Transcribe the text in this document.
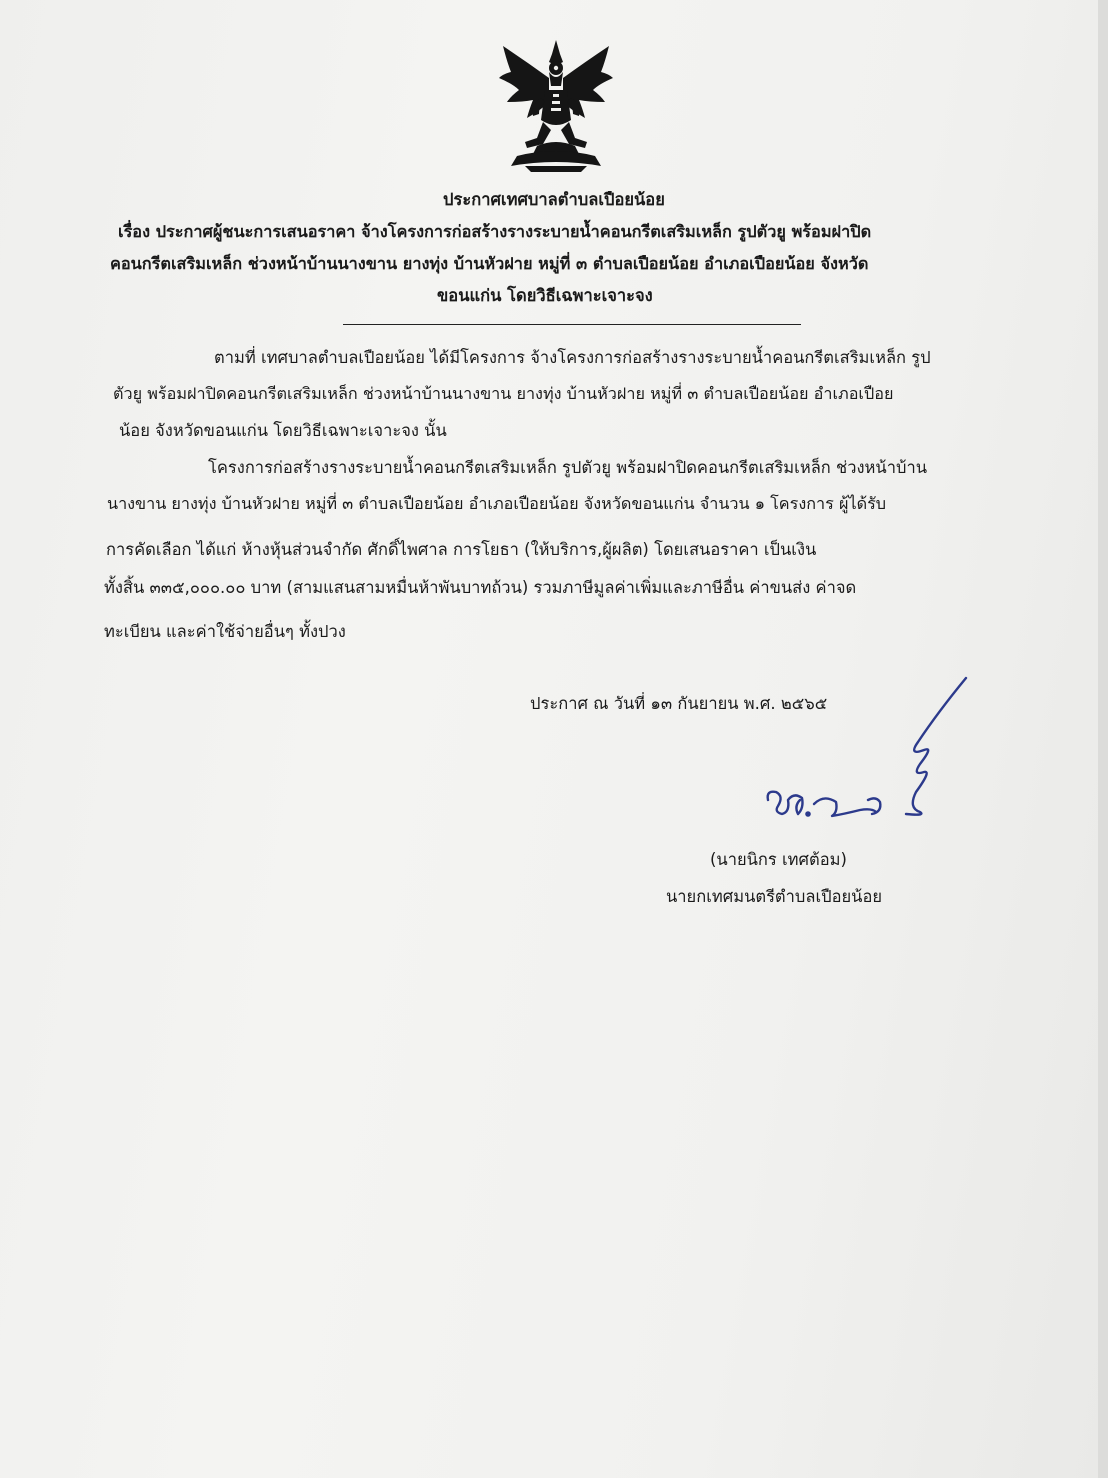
ประกาศเทศบาลตำบลเปือยน้อย
เรื่อง ประกาศผู้ชนะการเสนอราคา จ้างโครงการก่อสร้างรางระบายน้ำคอนกรีตเสริมเหล็ก รูปตัวยู พร้อมฝาปิด
คอนกรีตเสริมเหล็ก ช่วงหน้าบ้านนางขาน ยางทุ่ง บ้านหัวฝาย หมู่ที่ ๓ ตำบลเปือยน้อย อำเภอเปือยน้อย จังหวัด
ขอนแก่น โดยวิธีเฉพาะเจาะจง
ตามที่ เทศบาลตำบลเปือยน้อย ได้มีโครงการ จ้างโครงการก่อสร้างรางระบายน้ำคอนกรีตเสริมเหล็ก รูป
ตัวยู พร้อมฝาปิดคอนกรีตเสริมเหล็ก ช่วงหน้าบ้านนางขาน ยางทุ่ง บ้านหัวฝาย หมู่ที่ ๓ ตำบลเปือยน้อย อำเภอเปือย
น้อย จังหวัดขอนแก่น โดยวิธีเฉพาะเจาะจง นั้น
โครงการก่อสร้างรางระบายน้ำคอนกรีตเสริมเหล็ก รูปตัวยู พร้อมฝาปิดคอนกรีตเสริมเหล็ก ช่วงหน้าบ้าน
นางขาน ยางทุ่ง บ้านหัวฝาย หมู่ที่ ๓ ตำบลเปือยน้อย อำเภอเปือยน้อย จังหวัดขอนแก่น จำนวน ๑ โครงการ ผู้ได้รับ
การคัดเลือก ได้แก่ ห้างหุ้นส่วนจำกัด ศักดิ์ไพศาล การโยธา (ให้บริการ,ผู้ผลิต) โดยเสนอราคา เป็นเงิน
ทั้งสิ้น ๓๓๕,๐๐๐.๐๐ บาท (สามแสนสามหมื่นห้าพันบาทถ้วน) รวมภาษีมูลค่าเพิ่มและภาษีอื่น ค่าขนส่ง ค่าจด
ทะเบียน และค่าใช้จ่ายอื่นๆ ทั้งปวง
ประกาศ ณ วันที่ ๑๓ กันยายน พ.ศ. ๒๕๖๕
(นายนิกร เทศต้อม)
นายกเทศมนตรีตำบลเปือยน้อย
